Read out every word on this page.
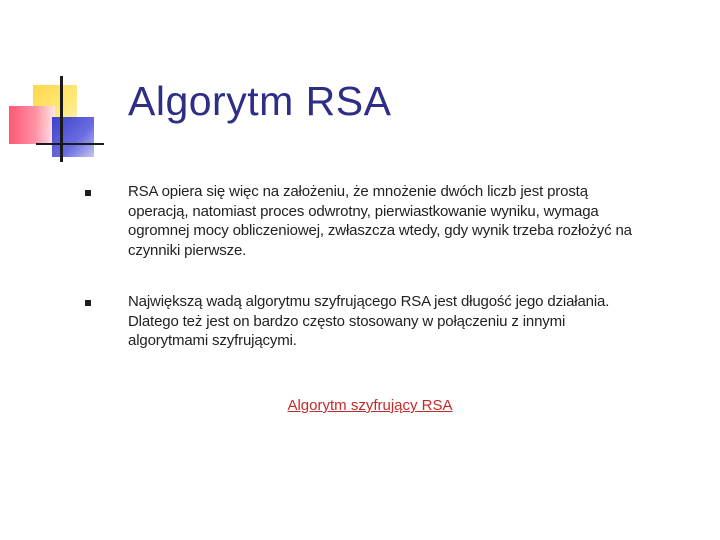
Algorytm RSA
RSA opiera się więc na założeniu, że mnożenie dwóch liczb jest prostą operacją, natomiast proces odwrotny, pierwiastkowanie wyniku, wymaga ogromnej mocy obliczeniowej, zwłaszcza wtedy, gdy wynik trzeba rozłożyć na czynniki pierwsze.
Największą wadą algorytmu szyfrującego RSA jest długość jego działania. Dlatego też jest on bardzo często stosowany w połączeniu z innymi algorytmami szyfrującymi.
Algorytm szyfrujący RSA
